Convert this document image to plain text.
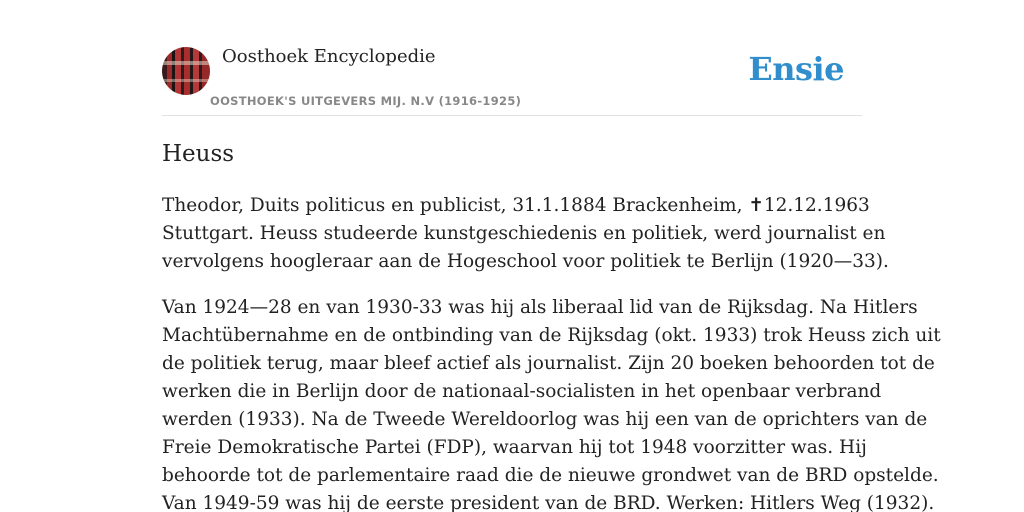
Oosthoek Encyclopedie
OOSTHOEK'S UITGEVERS MIJ. N.V (1916-1925)
Ensie
Heuss

Theodor, Duits politicus en publicist, 31.1.1884 Brackenheim, ✝12.12.1963
Stuttgart. Heuss studeerde kunstgeschiedenis en politiek, werd journalist en
vervolgens hoogleraar aan de Hogeschool voor politiek te Berlijn (1920—33).

Van 1924—28 en van 1930-33 was hij als liberaal lid van de Rijksdag. Na Hitlers
Machtübernahme en de ontbinding van de Rijksdag (okt. 1933) trok Heuss zich uit
de politiek terug, maar bleef actief als journalist. Zijn 20 boeken behoorden tot de
werken die in Berlijn door de nationaal-socialisten in het openbaar verbrand
werden (1933). Na de Tweede Wereldoorlog was hij een van de oprichters van de
Freie Demokratische Partei (FDP), waarvan hij tot 1948 voorzitter was. Hij
behoorde tot de parlementaire raad die de nieuwe grondwet van de BRD opstelde.
Van 1949-59 was hij de eerste president van de BRD. Werken: Hitlers Weg (1932).
